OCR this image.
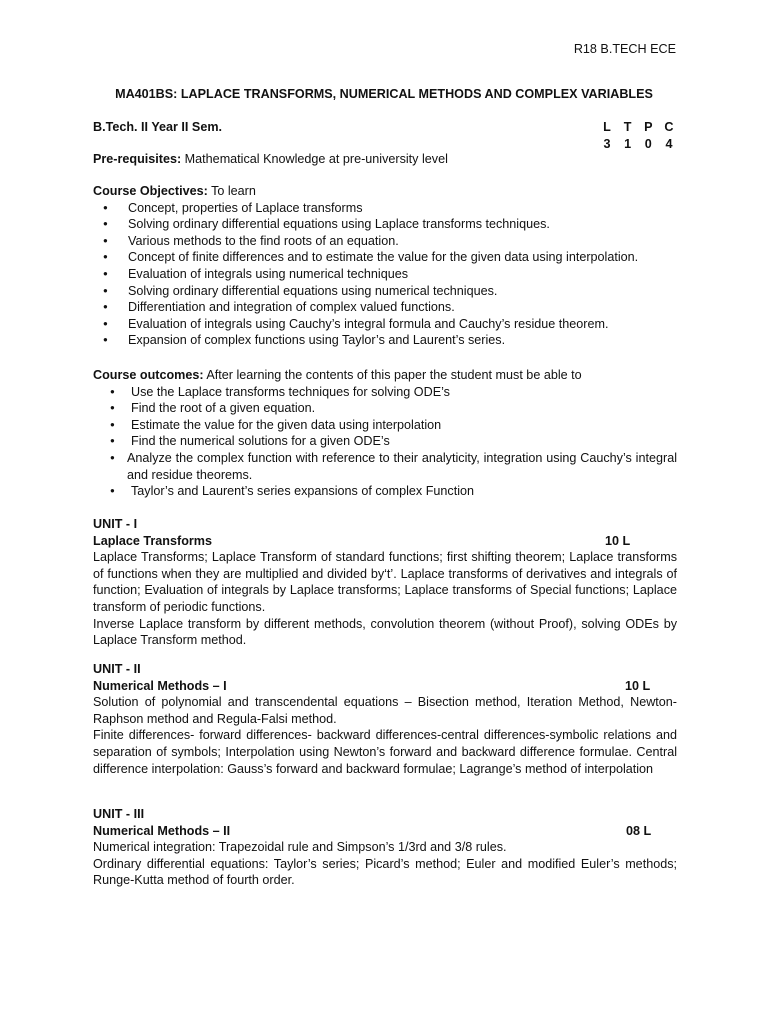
R18 B.TECH ECE
MA401BS: LAPLACE TRANSFORMS, NUMERICAL METHODS AND COMPLEX VARIABLES
B.Tech. II Year II Sem.	L	T	P C
3	1	0	4
Pre-requisites: Mathematical Knowledge at pre-university level
Course Objectives: To learn
● Concept, properties of Laplace transforms
● Solving ordinary differential equations using Laplace transforms techniques.
● Various methods to the find roots of an equation.
● Concept of finite differences and to estimate the value for the given data using interpolation.
● Evaluation of integrals using numerical techniques
● Solving ordinary differential equations using numerical techniques.
● Differentiation and integration of complex valued functions.
● Evaluation of integrals using Cauchy’s integral formula and Cauchy’s residue theorem.
● Expansion of complex functions using Taylor’s and Laurent’s series.
Course outcomes: After learning the contents of this paper the student must be able to
● Use the Laplace transforms techniques for solving ODE’s
● Find the root of a given equation.
● Estimate the value for the given data using interpolation
● Find the numerical solutions for a given ODE’s
● Analyze the complex function with reference to their analyticity, integration using Cauchy’s integral and residue theorems.
● Taylor’s and Laurent’s series expansions of complex Function
UNIT - I
Laplace Transforms	10 L

Laplace Transforms; Laplace Transform of standard functions; first shifting theorem; Laplace transforms of functions when they are multiplied and divided by‘t’. Laplace transforms of derivatives and integrals of function; Evaluation of integrals by Laplace transforms; Laplace transforms of Special functions; Laplace transform of periodic functions.

Inverse Laplace transform by different methods, convolution theorem (without Proof), solving ODEs by Laplace Transform method.

UNIT - II
Numerical Methods – I	10 L

Solution of polynomial and transcendental equations – Bisection method, Iteration Method, Newton-Raphson method and Regula-Falsi method.

Finite differences- forward differences- backward differences-central differences-symbolic relations and separation of symbols; Interpolation using Newton’s forward and backward difference formulae. Central difference interpolation: Gauss’s forward and backward formulae; Lagrange’s method of interpolation

UNIT - III
Numerical Methods – II	08 L

Numerical integration: Trapezoidal rule and Simpson’s 1/3rd and 3/8 rules.

Ordinary differential equations: Taylor’s series; Picard’s method; Euler and modified Euler’s methods; Runge-Kutta method of fourth order.
